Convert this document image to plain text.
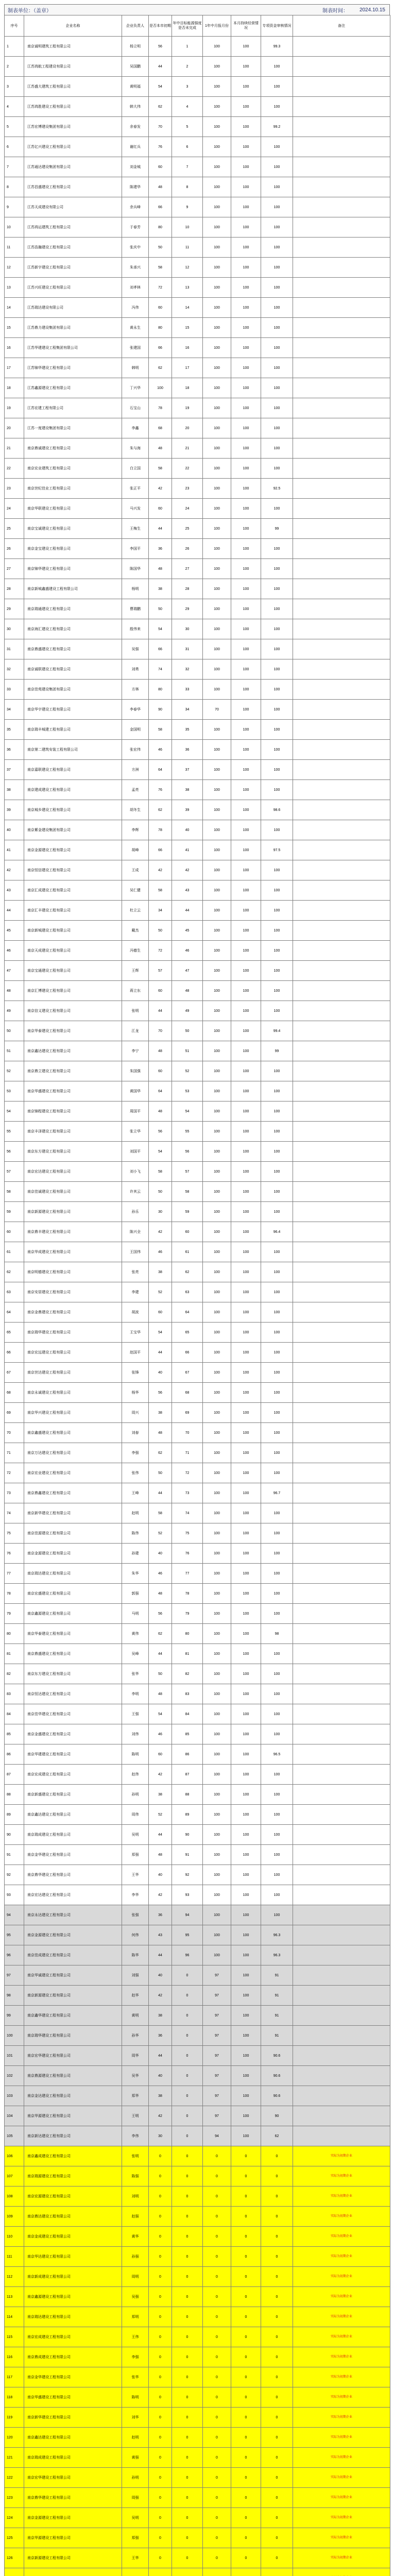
制表单位：（盖章）	制表时间：	2024.10.15
序号	企业名称	企业负责人	是否本市初期	年中目标能源强度是否未完成	1年中月报月份	本月持续经营情况	专项资金审核情况	备注
1	南京诚明建筑工程有限公司	杨立明	56	1	100	100	99.3	
2	江苏鸿航工程建设有限公司	吴国鹏	44	2	100	100	100	
3	江苏盛大建筑工程有限公司	黄明福	54	3	100	100	100	
4	江苏鸿胜建设工程有限公司	韩大伟	62	4	100	100	100	
5	江苏宏博建设集团有限公司	余春发	70	5	100	100	99.2	
6	江苏亿兴建设工程有限公司	谢红兵	76	6	100	100	100	
7	江苏通达建设集团有限公司	刘金城	60	7	100	100	100	
8	江苏昌盛建设工程有限公司	陈建华	48	8	100	100	100	
9	江苏天成建设有限公司	余兵峰	66	9	100	100	100	
10	江苏鸿运建筑工程有限公司	于春芳	80	10	100	100	100	
11	江苏浩瀚建设工程有限公司	张庆中	50	11	100	100	100	
12	江苏新宇建设工程有限公司	朱承兴	58	12	100	100	100	
13	江苏兴旺建设工程有限公司	刘孝林	72	13	100	100	100	
14	江苏瑞达建设有限公司	冯伟	60	14	100	100	100	
15	江苏鼎力建设集团有限公司	黄永生	80	15	100	100	100	
16	江苏华建建设工程集团有限公司	张建国	66	16	100	100	100	
17	江苏锦华建设工程有限公司	韩明	62	17	100	100	100	
18	江苏鑫源建设工程有限公司	丁兴华	100	18	100	100	100	
19	江苏宏建工程有限公司	石宝山	78	19	100	100	100	
20	江苏一度建设集团有限公司	李鑫	68	20	100	100	100	
21	南京鼎诚建设工程有限公司	朱与海	48	21	100	100	100	
22	南京宏业建筑工程有限公司	白立国	58	22	100	100	100	
23	南京世纪佳业工程有限公司	张正平	42	23	100	100	92.5	
24	南京华联建设工程有限公司	马兴发	60	24	100	100	100	
25	南京宝诚建设工程有限公司	王梅生	44	25	100	100	99	
26	南京金宝建设工程有限公司	李国平	36	26	100	100	100	
27	南京锦华建设工程有限公司	陈国华	48	27	100	100	100	
28	南京新城鑫盛建设工程有限公司	杨明	38	28	100	100	100	
29	南京瑞通建设工程有限公司	曹瑞鹏	50	29	100	100	100	
30	南京海汇建设工程有限公司	殷伟来	54	30	100	100	100	
31	南京鼎盛建设工程有限公司	吴强	66	31	100	100	100	
32	南京诚联建设工程有限公司	刘勇	74	32	100	100	100	
33	南京佳苑建设集团有限公司	方林	80	33	100	100	100	
34	南京华宇建设工程有限公司	李春华	90	34	70	100	100	
35	南京瑞丰城建工程有限公司	金国明	58	35	100	100	100	
36	南京第二建筑安装工程有限公司	张宏伟	46	36	100	100	100	
37	南京嘉联建设工程有限公司	方洲	64	37	100	100	100	
38	南京建成建设工程有限公司	孟亮	76	38	100	100	100	
39	南京城乡建设工程有限公司	胡冬生	62	39	100	100	98.6	
40	南京紫金建设集团有限公司	李辉	78	40	100	100	100	
41	南京金源建设工程有限公司	胡峰	66	41	100	100	97.5	
42	南京恒信建设工程有限公司	王成	42	42	100	100	100	
43	南京汇成建设工程有限公司	吴仁健	58	43	100	100	100	
44	南京汇丰建设工程有限公司	杜立云	34	44	100	100	100	
45	南京新城建设工程有限公司	戴杰	50	45	100	100	100	
46	南京天成建设工程有限公司	冯德生	72	46	100	100	100	
47	南京宝通建设工程有限公司	王辉	57	47	100	100	100	
48	南京汇博建设工程有限公司	蒋立东	60	48	100	100	100	
49	南京信义建设工程有限公司	张明	44	49	100	100	100	
50	南京华泰建设工程有限公司	江龙	70	50	100	100	99.4	
51	南京鑫达建设工程有限公司	李宁	48	51	100	100	99	
52	南京鼎立建设工程有限公司	朱国强	60	52	100	100	100	
53	南京华盛建设工程有限公司	黄国华	64	53	100	100	100	
54	南京锦程建设工程有限公司	周国平	48	54	100	100	100	
55	南京丰泽建设工程有限公司	张立华	56	55	100	100	100	
56	南京东方建设工程有限公司	刘国平	54	56	100	100	100	
57	南京宏达建设工程有限公司	刘小飞	58	57	100	100	100	
58	南京佳诚建设工程有限公司	许其云	50	58	100	100	100	
59	南京新源建设工程有限公司	孙乐	30	59	100	100	100	
60	南京鼎丰建设工程有限公司	陈兴全	42	60	100	100	96.4	
61	南京华成建设工程有限公司	王国伟	46	61	100	100	100	
62	南京明德建设工程有限公司	张亮	38	62	100	100	100	
63	南京安居建设工程有限公司	李建	52	63	100	100	100	
64	南京金鼎建设工程有限公司	胡波	60	64	100	100	100	
65	南京瑞华建设工程有限公司	王宝华	54	65	100	100	100	
66	南京宏远建设工程有限公司	赵国平	44	66	100	100	100	
67	南京世达建设工程有限公司	张锋	40	67	100	100	100	
68	南京永诚建设工程有限公司	杨华	56	68	100	100	100	
69	南京华兴建设工程有限公司	周兴	38	69	100	100	100	
70	南京鑫盛建设工程有限公司	刘春	48	70	100	100	100	
71	南京万达建设工程有限公司	李强	62	71	100	100	100	
72	南京宏业建设工程有限公司	张伟	50	72	100	100	100	
73	南京鼎鑫建设工程有限公司	王峰	44	73	100	100	96.7	
74	南京新华建设工程有限公司	赵明	58	74	100	100	100	
75	南京佳源建设工程有限公司	陈伟	52	75	100	100	100	
76	南京金源建设工程有限公司	孙建	40	76	100	100	100	
77	南京瑞达建设工程有限公司	朱华	46	77	100	100	100	
78	南京宏盛建设工程有限公司	郭强	48	78	100	100	100	
79	南京鑫源建设工程有限公司	马明	56	79	100	100	100	
80	南京华泰建设工程有限公司	黄伟	62	80	100	100	98	
81	南京鼎盛建设工程有限公司	吴峰	44	81	100	100	100	
82	南京东方建设工程有限公司	张华	50	82	100	100	100	
83	南京恒达建设工程有限公司	李明	48	83	100	100	100	
84	南京佳华建设工程有限公司	王强	54	84	100	100	100	
85	南京金盛建设工程有限公司	刘伟	46	85	100	100	100	
86	南京华建建设工程有限公司	陈明	60	86	100	100	96.5	
87	南京宏成建设工程有限公司	赵伟	42	87	100	100	100	
88	南京新盛建设工程有限公司	孙明	38	88	100	100	100	
89	南京鑫达建设工程有限公司	周伟	52	89	100	100	100	
90	南京瑞成建设工程有限公司	吴明	44	90	100	100	100	
91	南京金华建设工程有限公司	郑强	48	91	100	100	100	
92	南京鼎华建设工程有限公司	王华	40	92	100	100	100	
93	南京宏达建设工程有限公司	李华	42	93	100	100	100	
94	南京永达建设工程有限公司	张强	36	94	100	100	100	
95	南京金源建设工程有限公司	何伟	43	95	100	100	96.3	
96	南京佳成建设工程有限公司	陈华	44	96	100	100	96.3	
97	南京华诚建设工程有限公司	刘强	40	0	97	100	91	
98	南京新源建设工程有限公司	赵华	42	0	97	100	91	
99	南京鑫华建设工程有限公司	黄明	38	0	97	100	91	
100	南京瑞华建设工程有限公司	孙华	36	0	97	100	91	
101	南京宏华建设工程有限公司	周华	44	0	97	100	90.6	
102	南京鼎源建设工程有限公司	吴华	40	0	97	100	90.6	
103	南京金达建设工程有限公司	郑华	38	0	97	100	90.6	
104	南京华源建设工程有限公司	王明	42	0	97	100	90	
105	南京新达建设工程有限公司	李伟	30	0	94	100	62	
106	南京鑫成建设工程有限公司	张明	0	0	0	0	0	实际为初期企业
107	南京瑞源建设工程有限公司	陈强	0	0	0	0	0	实际为初期企业
108	南京宏源建设工程有限公司	刘明	0	0	0	0	0	实际为初期企业
109	南京鼎达建设工程有限公司	赵强	0	0	0	0	0	实际为初期企业
110	南京金成建设工程有限公司	黄华	0	0	0	0	0	实际为初期企业
111	南京华达建设工程有限公司	孙强	0	0	0	0	0	实际为初期企业
112	南京新成建设工程有限公司	周明	0	0	0	0	0	实际为初期企业
113	南京鑫源建设工程有限公司	吴强	0	0	0	0	0	实际为初期企业
114	南京瑞达建设工程有限公司	郑明	0	0	0	0	0	实际为初期企业
115	南京宏成建设工程有限公司	王伟	0	0	0	0	0	实际为初期企业
116	南京鼎成建设工程有限公司	李强	0	0	0	0	0	实际为初期企业
117	南京金华建设工程有限公司	张华	0	0	0	0	0	实际为初期企业
118	南京华盛建设工程有限公司	陈明	0	0	0	0	0	实际为初期企业
119	南京新华建设工程有限公司	刘华	0	0	0	0	0	实际为初期企业
120	南京鑫达建设工程有限公司	赵明	0	0	0	0	0	实际为初期企业
121	南京瑞成建设工程有限公司	黄强	0	0	0	0	0	实际为初期企业
122	南京宏华建设工程有限公司	孙明	0	0	0	0	0	实际为初期企业
123	南京鼎华建设工程有限公司	周强	0	0	0	0	0	实际为初期企业
124	南京金源建设工程有限公司	吴明	0	0	0	0	0	实际为初期企业
125	南京华源建设工程有限公司	郑强	0	0	0	0	0	实际为初期企业
126	南京新源建设工程有限公司	王华	0	0	0	0	0	实际为初期企业
